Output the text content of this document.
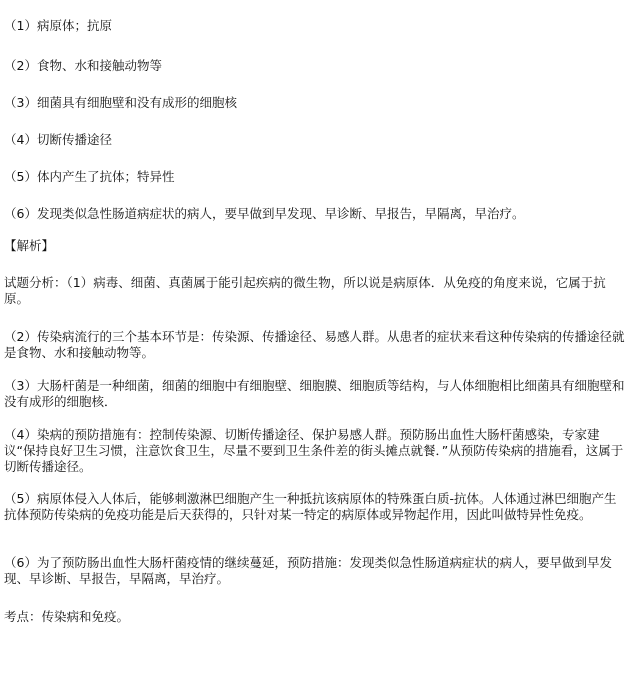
（1）病原体；抗原
（2）食物、水和接触动物等
（3）细菌具有细胞壁和没有成形的细胞核
（4）切断传播途径
（5）体内产生了抗体；特异性
（6）发现类似急性肠道病症状的病人，要早做到早发现、早诊断、早报告，早隔离，早治疗。
【解析】
试题分析：（1）病毒、细菌、真菌属于能引起疾病的微生物，所以说是病原体．从免疫的角度来说，它属于抗原。
（2）传染病流行的三个基本环节是：传染源、传播途径、易感人群。从患者的症状来看这种传染病的传播途径就是食物、水和接触动物等。
（3）大肠杆菌是一种细菌，细菌的细胞中有细胞壁、细胞膜、细胞质等结构，与人体细胞相比细菌具有细胞壁和没有成形的细胞核．
（4）染病的预防措施有：控制传染源、切断传播途径、保护易感人群。预防肠出血性大肠杆菌感染，专家建议“保持良好卫生习惯，注意饮食卫生，尽量不要到卫生条件差的街头摊点就餐．”从预防传染病的措施看，这属于切断传播途径。
（5）病原体侵入人体后，能够刺激淋巴细胞产生一种抵抗该病原体的特殊蛋白质-抗体。人体通过淋巴细胞产生抗体预防传染病的免疫功能是后天获得的，只针对某一特定的病原体或异物起作用，因此叫做特异性免疫。
（6）为了预防肠出血性大肠杆菌疫情的继续蔓延，预防措施：发现类似急性肠道病症状的病人，要早做到早发现、早诊断、早报告，早隔离，早治疗。
考点：传染病和免疫。
